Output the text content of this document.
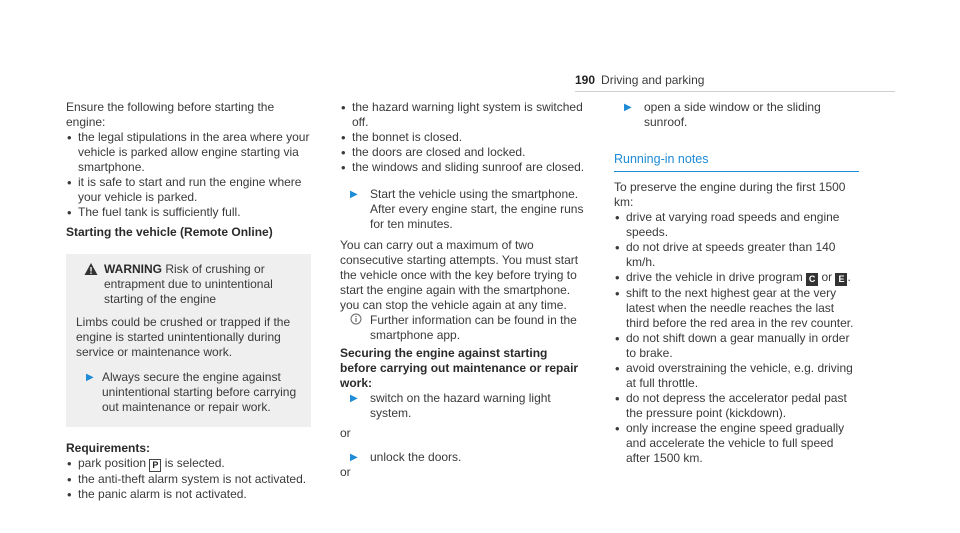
190 Driving and parking

Ensure the following before starting the engine:

• the legal stipulations in the area where your vehicle is parked allow engine starting via smartphone.
• it is safe to start and run the engine where your vehicle is parked.
• The fuel tank is sufficiently full.

Starting the vehicle (Remote Online)

WARNING Risk of crushing or entrapment due to unintentional starting of the engine

Limbs could be crushed or trapped if the engine is started unintentionally during service or maintenance work.

▶ Always secure the engine against unintentional starting before carrying out maintenance or repair work.

Requirements:

• park position P is selected.
• the anti-theft alarm system is not activated.
• the panic alarm is not activated.
• the hazard warning light system is switched off.
• the bonnet is closed.
• the doors are closed and locked.
• the windows and sliding sunroof are closed.
▶ Start the vehicle using the smartphone. After every engine start, the engine runs for ten minutes.

You can carry out a maximum of two consecutive starting attempts. You must start the vehicle once with the key before trying to start the engine again with the smartphone. you can stop the vehicle again at any time.

Further information can be found in the smartphone app.

Securing the engine against starting before carrying out maintenance or repair work:

▶ switch on the hazard warning light system.

or

▶ unlock the doors.

or

▶ open a side window or the sliding sunroof.
Running-in notes

To preserve the engine during the first 1500 km:

• drive at varying road speeds and engine speeds.
• do not drive at speeds greater than 140 km/h.
• drive the vehicle in drive program C or E .
• shift to the next highest gear at the very latest when the needle reaches the last third before the red area in the rev counter.
• do not shift down a gear manually in order to brake.
• avoid overstraining the vehicle, e.g. driving at full throttle.
• do not depress the accelerator pedal past the pressure point (kickdown).
• only increase the engine speed gradually and accelerate the vehicle to full speed after 1500 km.
